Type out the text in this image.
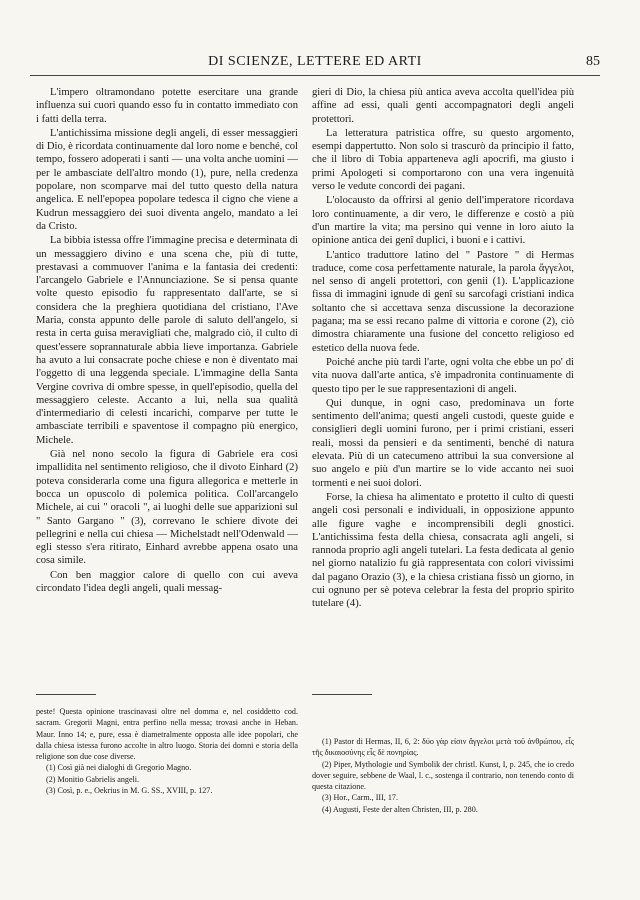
DI SCIENZE, LETTERE ED ARTI	85

L'impero oltramondano potette esercitare una grande influenza sui cuori quando esso fu in contatto immediato con i fatti della terra.

L'antichissima missione degli angeli, di esser messaggieri di Dio, è ricordata continuamente dal loro nome e benché, col tempo, fossero adoperati i santi — una volta anche uomini — per le ambasciate dell'altro mondo (1), pure, nella credenza popolare, non scomparve mai del tutto questo della natura angelica. E nell'epopea popolare tedesca il cigno che viene a Kudrun messaggiero dei suoi diventa angelo, mandato a lei da Cristo.

La bibbia istessa offre l'immagine precisa e determinata di un messaggiero divino e una scena che, più di tutte, prestavasi a commuover l'anima e la fantasia dei credenti: l'arcangelo Gabriele e l'Annunciazione. Se si pensa quante volte questo episodio fu rappresentato dall'arte, se si considera che la preghiera quotidiana del cristiano, l'Ave Maria, consta appunto delle parole di saluto dell'angelo, si resta in certa guisa meravigliati che, malgrado ciò, il culto di quest'essere soprannaturale abbia lieve importanza. Gabriele ha avuto a lui consacrate poche chiese e non è diventato mai l'oggetto di una leggenda speciale. L'immagine della Santa Vergine covriva di ombre spesse, in quell'episodio, quella del messaggiero celeste. Accanto a lui, nella sua qualità d'intermediario di celesti incarichi, comparve per tutte le ambasciate terribili e spaventose il compagno più energico, Michele.

Già nel nono secolo la figura di Gabriele era così impallidita nel sentimento religioso, che il divoto Einhard (2) poteva considerarla come una figura allegorica e metterle in bocca un opuscolo di polemica politica. Coll'arcangelo Michele, ai cui " oracoli ", ai luoghi delle sue apparizioni sul " Santo Gargano " (3), correvano le schiere divote dei pellegrini e nella cui chiesa — Michelstadt nell'Odenwald — egli stesso s'era ritirato, Einhard avrebbe appena osato una cosa simile.

Con ben maggior calore di quello con cui aveva circondato l'idea degli angeli, quali messag-

gieri di Dio, la chiesa più antica aveva accolta quell'idea più affine ad essi, quali genti accompagnatori degli angeli protettori.

La letteratura patristica offre, su questo argomento, esempi dappertutto. Non solo si trascurò da principio il fatto, che il libro di Tobia apparteneva agli apocrifi, ma giusto i primi Apologeti si comportarono con una vera ingenuità verso le vedute concordi dei pagani.

L'olocausto da offrirsi al genio dell'imperatore ricordava loro continuamente, a dir vero, le differenze e costò a più d'un martire la vita; ma persino qui venne in loro aiuto la opinione antica dei genî duplici, i buoni e i cattivi.

L'antico traduttore latino del " Pastore " di Hermas traduce, come cosa perfettamente naturale, la parola ἄγγελοι, nel senso di angeli protettori, con genii (1). L'applicazione fissa di immagini ignude di genî su sarcofagi cristiani indica soltanto che si accettava senza discussione la decorazione pagana; ma se essi recano palme di vittoria e corone (2), ciò dimostra chiaramente una fusione del concetto religioso ed estetico della nuova fede.

Poiché anche più tardi l'arte, ogni volta che ebbe un po' di vita nuova dall'arte antica, s'è impadronita continuamente di questo tipo per le sue rappresentazioni di angeli.

Qui dunque, in ogni caso, predominava un forte sentimento dell'anima; questi angeli custodi, queste guide e consiglieri degli uomini furono, per i primi cristiani, esseri reali, mossi da pensieri e da sentimenti, benché di natura elevata. Più di un catecumeno attribuì la sua conversione al suo angelo e più d'un martire se lo vide accanto nei suoi tormenti e nei suoi dolori.

Forse, la chiesa ha alimentato e protetto il culto di questi angeli così personali e individuali, in opposizione appunto alle figure vaghe e incomprensibili degli gnostici. L'antichissima festa della chiesa, consacrata agli angeli, si rannoda proprio agli angeli tutelari. La festa dedicata al genio nel giorno natalizio fu già rappresentata con colori vivissimi dal pagano Orazio (3), e la chiesa cristiana fissò un giorno, in cui ognuno per sè poteva celebrar la festa del proprio spirito tutelare (4).

peste! Questa opinione trascinavasi oltre nel domma e, nel cosiddetto cod. sacram. Gregorii Magni, entra perfino nella messa; trovasi anche in Heban. Maur. Inno 14; e, pure, essa è diametralmente opposta alle idee popolari, che dalla chiesa istessa furono accolte in altro luogo. Storia dei domni e storia della religione son due cose diverse.

(1) Così già nei dialoghi di Gregorio Magno.

(2) Monitio Gabrielis angeli.

(3) Così, p. e., Oekrius in M. G. SS., XVIII, p. 127.

(1) Pastor di Hermas, II, 6, 2: δύο γὰρ εἰσιν ἄγγελοι μετὰ τοῦ ἀνθρώπου, εἷς τῆς δικαιοσύνης εἷς δὲ πονηρίας.

(2) Piper, Mythologie und Symbolik der christl. Kunst, I, p. 245, che io credo dover seguire, sebbene de Waal, l. c., sostenga il contrario, non tenendo conto di questa citazione.

(3) Hor., Carm., III, 17.

(4) Augusti, Feste der alten Christen, III, p. 280.
